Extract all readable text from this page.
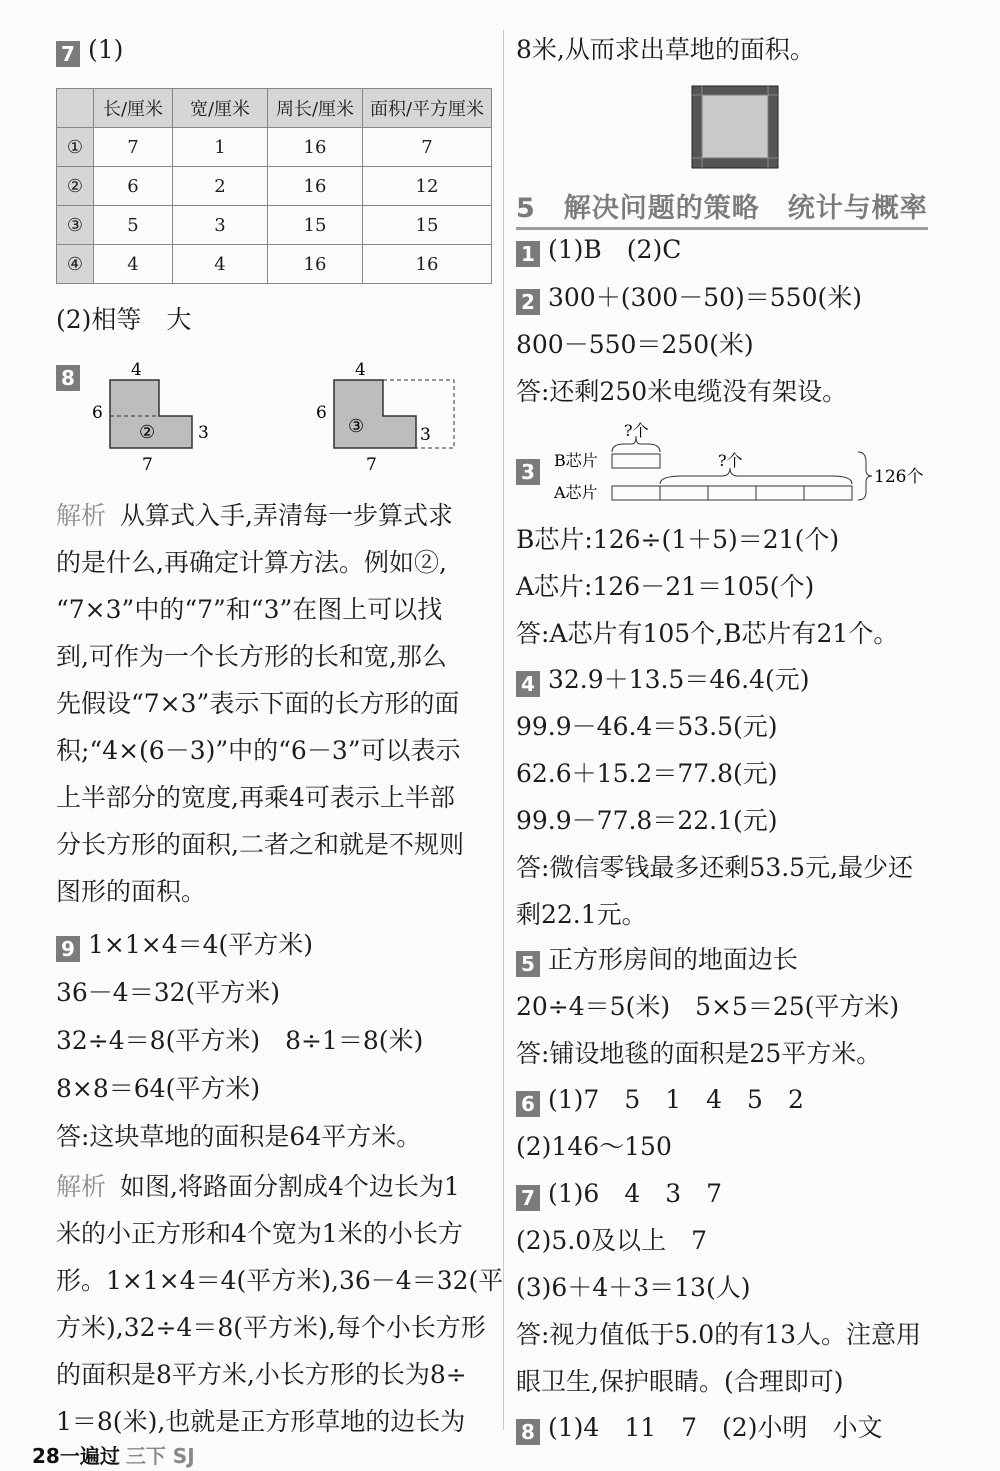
7 (1)
	长/厘米	宽/厘米	周长/厘米	面积/平方厘米
①	7	1	16	7
②	6	2	16	12
③	5	3	15	15
④	4	4	16	16
(2)相等　大
8	4
6
3
7
②
4
6
3
7
③
解析 从算式入手,弄清每一步算式求
的是什么,再确定计算方法。例如②,
“7×3”中的“7”和“3”在图上可以找
到,可作为一个长方形的长和宽,那么
先假设“7×3”表示下面的长方形的面
积;“4×(6－3)”中的“6－3”可以表示
上半部分的宽度,再乘4可表示上半部
分长方形的面积,二者之和就是不规则
图形的面积。
9 1×1×4＝4(平方米)
36－4＝32(平方米)
32÷4＝8(平方米)　8÷1＝8(米)
8×8＝64(平方米)
答:这块草地的面积是64平方米。
解析 如图,将路面分割成4个边长为1
米的小正方形和4个宽为1米的小长方
形。1×1×4＝4(平方米),36－4＝32(平
方米),32÷4＝8(平方米),每个小长方形
的面积是8平方米,小长方形的长为8÷
1＝8(米),也就是正方形草地的边长为
8米,从而求出草地的面积。
5　解决问题的策略　统计与概率
1 (1)B　(2)C
2 300＋(300－50)＝550(米)
800－550＝250(米)
答:还剩250米电缆没有架设。
3	B芯片
A芯片
?个
?个
126个
B芯片:126÷(1＋5)＝21(个)
A芯片:126－21＝105(个)
答:A芯片有105个,B芯片有21个。
4 32.9＋13.5＝46.4(元)
99.9－46.4＝53.5(元)
62.6＋15.2＝77.8(元)
99.9－77.8＝22.1(元)
答:微信零钱最多还剩53.5元,最少还
剩22.1元。
5 正方形房间的地面边长
20÷4＝5(米)　5×5＝25(平方米)
答:铺设地毯的面积是25平方米。
6 (1)7　5　1　4　5　2
(2)146～150
7 (1)6　4　3　7
(2)5.0及以上　7
(3)6＋4＋3＝13(人)
答:视力值低于5.0的有13人。注意用
眼卫生,保护眼睛。(合理即可)
8 (1)4　11　7　(2)小明　小文
28一遍过 三下 SJ
